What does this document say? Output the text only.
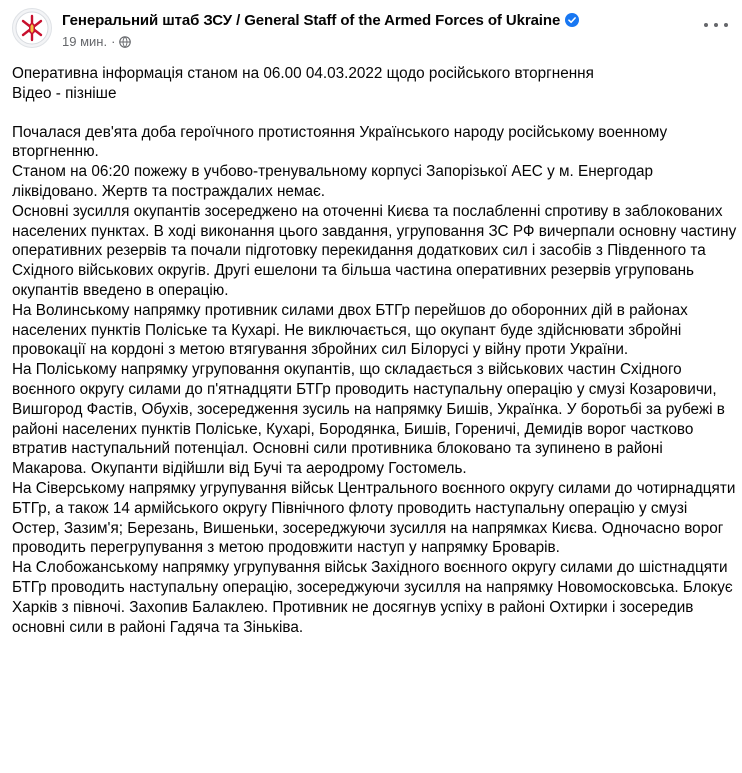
Генеральний штаб ЗСУ / General Staff of the Armed Forces of Ukraine
19 мин. ·

Оперативна інформація станом на 06.00 04.03.2022 щодо російського вторгнення

Відео - пізніше

Почалася дев'ята доба героїчного протистояння Українського народу російському военному вторгненню.

Станом на 06:20 пожежу в учбово-тренувальному корпусі Запорізької АЕС у м. Енергодар ліквідовано. Жертв та постраждалих немає.

Основні зусилля окупантів зосереджено на оточенні Києва та послабленні спротиву в заблокованих населених пунктах. В ході виконання цього завдання, угруповання ЗС РФ вичерпали основну частину оперативних резервів та почали підготовку перекидання додаткових сил і засобів з Південного та Східного військових округів. Другі ешелони та більша частина оперативних резервів угруповань окупантів введено в операцію.

На Волинському напрямку противник силами двох БТГр перейшов до оборонних дій в районах населених пунктів Поліське та Кухарі. Не виключається, що окупант буде здійснювати збройні провокації на кордоні з метою втягування збройних сил Білорусі у війну проти України.

На Поліському напрямку угруповання окупантів, що складається з військових частин Східного воєнного округу силами до п'ятнадцяти БТГр проводить наступальну операцію у смузі Козаровичи, Вишгород Фастів, Обухів, зосередження зусиль на напрямку Бишів, Українка. У боротьбі за рубежі в районі населених пунктів Поліське, Кухарі, Бородянка, Бишів, Гореничі, Демидів ворог частково втратив наступальний потенціал. Основні сили противника блоковано та зупинено в районі Макарова. Окупанти відійшли від Бучі та аеродрому Гостомель.

На Сіверському напрямку угрупування військ Центрального воєнного округу силами до чотирнадцяти БТГр, а також 14 армійського округу Північного флоту проводить наступальну операцію у смузі Остер, Зазим'я; Березань, Вишеньки, зосереджуючи зусилля на напрямках Києва. Одночасно ворог проводить перегрупування з метою продовжити наступ у напрямку Броварів.

На Слобожанському напрямку угрупування військ Західного воєнного округу силами до шістнадцяти БТГр проводить наступальну операцію, зосереджуючи зусилля на напрямку Новомосковська. Блокує Харків з півночі. Захопив Балаклею. Противник не досягнув успіху в районі Охтирки і зосередив основні сили в районі Гадяча та Зіньківа.
